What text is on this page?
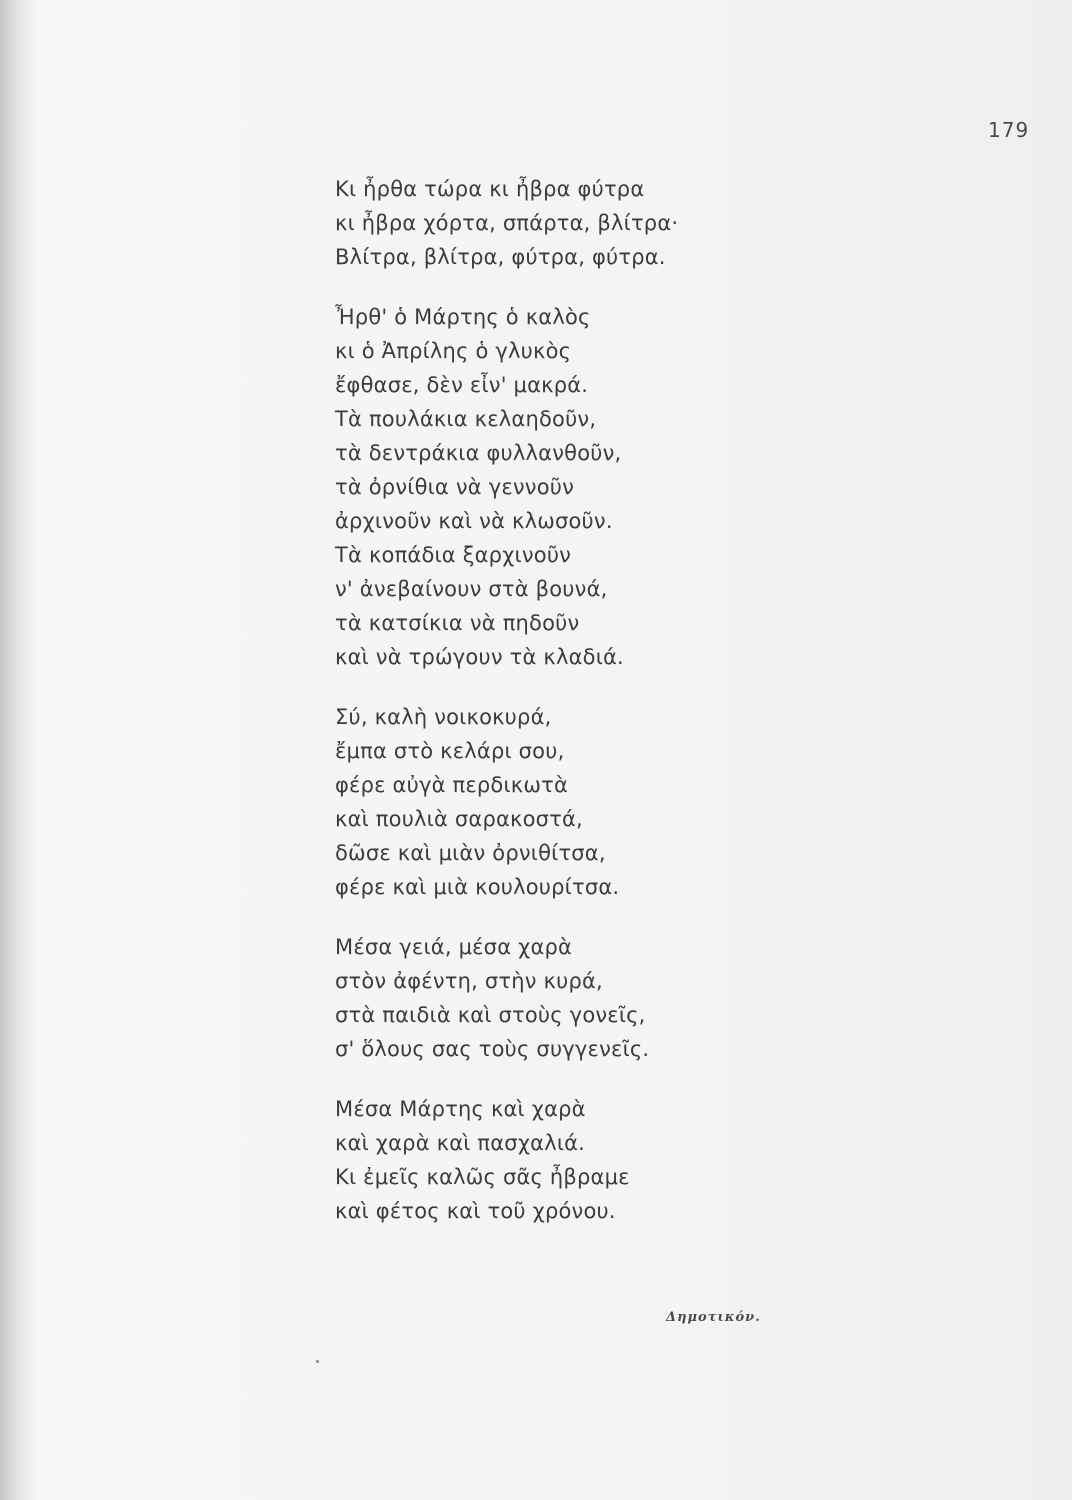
179
Κι ἦρθα τώρα κι ἦβρα φύτρα
κι ἦβρα χόρτα, σπάρτα, βλίτρα·
Βλίτρα, βλίτρα, φύτρα, φύτρα.
Ἦρθ' ὁ Μάρτης ὁ καλὸς
κι ὁ Ἀπρίλης ὁ γλυκὸς
ἔφθασε, δὲν εἶν' μακρά.
Τὰ πουλάκια κελαηδοῦν,
τὰ δεντράκια φυλλανθοῦν,
τὰ ὀρνίθια νὰ γεννοῦν
ἀρχινοῦν καὶ νὰ κλωσοῦν.
Τὰ κοπάδια ξαρχινοῦν
ν' ἀνεβαίνουν στὰ βουνά,
τὰ κατσίκια νὰ πηδοῦν
καὶ νὰ τρώγουν τὰ κλαδιά.
Σύ, καλὴ νοικοκυρά,
ἔμπα στὸ κελάρι σου,
φέρε αὐγὰ περδικωτὰ
καὶ πουλιὰ σαρακοστά,
δῶσε καὶ μιὰν ὀρνιθίτσα,
φέρε καὶ μιὰ κουλουρίτσα.
Μέσα γειά, μέσα χαρὰ
στὸν ἀφέντη, στὴν κυρά,
στὰ παιδιὰ καὶ στοὺς γονεῖς,
σ' ὅλους σας τοὺς συγγενεῖς.
Μέσα Μάρτης καὶ χαρὰ
καὶ χαρὰ καὶ πασχαλιά.
Κι ἐμεῖς καλῶς σᾶς ἦβραμε
καὶ φέτος καὶ τοῦ χρόνου.
Δημοτικόν.
